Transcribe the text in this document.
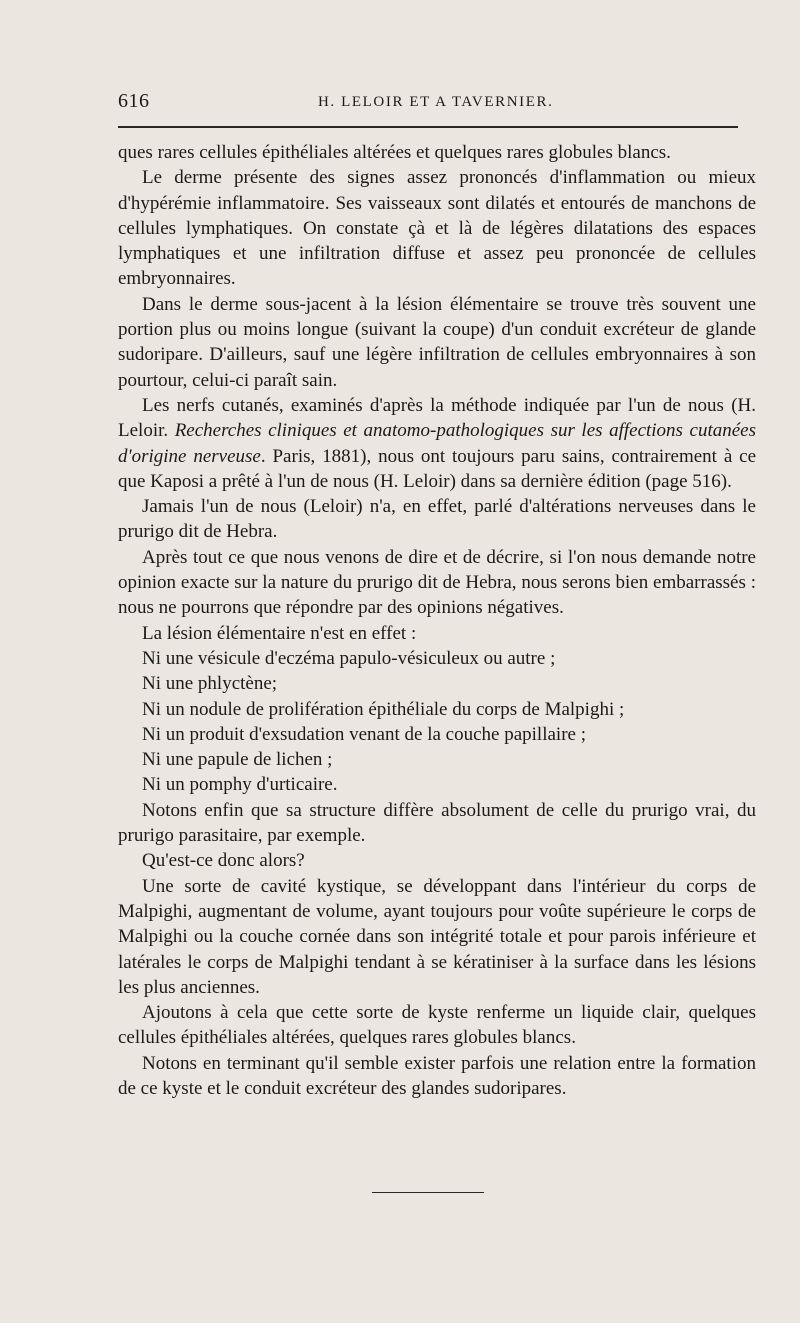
616	H. LELOIR ET A TAVERNIER.

ques rares cellules épithéliales altérées et quelques rares globules blancs.

Le derme présente des signes assez prononcés d'inflammation ou mieux d'hypérémie inflammatoire. Ses vaisseaux sont dilatés et entourés de manchons de cellules lymphatiques. On constate çà et là de légères dilatations des espaces lymphatiques et une infiltration diffuse et assez peu prononcée de cellules embryonnaires.

Dans le derme sous-jacent à la lésion élémentaire se trouve très souvent une portion plus ou moins longue (suivant la coupe) d'un conduit excréteur de glande sudoripare. D'ailleurs, sauf une légère infiltration de cellules embryonnaires à son pourtour, celui-ci paraît sain.

Les nerfs cutanés, examinés d'après la méthode indiquée par l'un de nous (H. Leloir. Recherches cliniques et anatomo-pathologiques sur les affections cutanées d'origine nerveuse. Paris, 1881), nous ont toujours paru sains, contrairement à ce que Kaposi a prêté à l'un de nous (H. Leloir) dans sa dernière édition (page 516).

Jamais l'un de nous (Leloir) n'a, en effet, parlé d'altérations nerveuses dans le prurigo dit de Hebra.

Après tout ce que nous venons de dire et de décrire, si l'on nous demande notre opinion exacte sur la nature du prurigo dit de Hebra, nous serons bien embarrassés : nous ne pourrons que répondre par des opinions négatives.

La lésion élémentaire n'est en effet :

Ni une vésicule d'eczéma papulo-vésiculeux ou autre ;

Ni une phlyctène;

Ni un nodule de prolifération épithéliale du corps de Malpighi ;

Ni un produit d'exsudation venant de la couche papillaire ;

Ni une papule de lichen ;

Ni un pomphy d'urticaire.

Notons enfin que sa structure diffère absolument de celle du prurigo vrai, du prurigo parasitaire, par exemple.

Qu'est-ce donc alors?

Une sorte de cavité kystique, se développant dans l'intérieur du corps de Malpighi, augmentant de volume, ayant toujours pour voûte supérieure le corps de Malpighi ou la couche cornée dans son intégrité totale et pour parois inférieure et latérales le corps de Malpighi tendant à se kératiniser à la surface dans les lésions les plus anciennes.

Ajoutons à cela que cette sorte de kyste renferme un liquide clair, quelques cellules épithéliales altérées, quelques rares globules blancs.

Notons en terminant qu'il semble exister parfois une relation entre la formation de ce kyste et le conduit excréteur des glandes sudoripares.
